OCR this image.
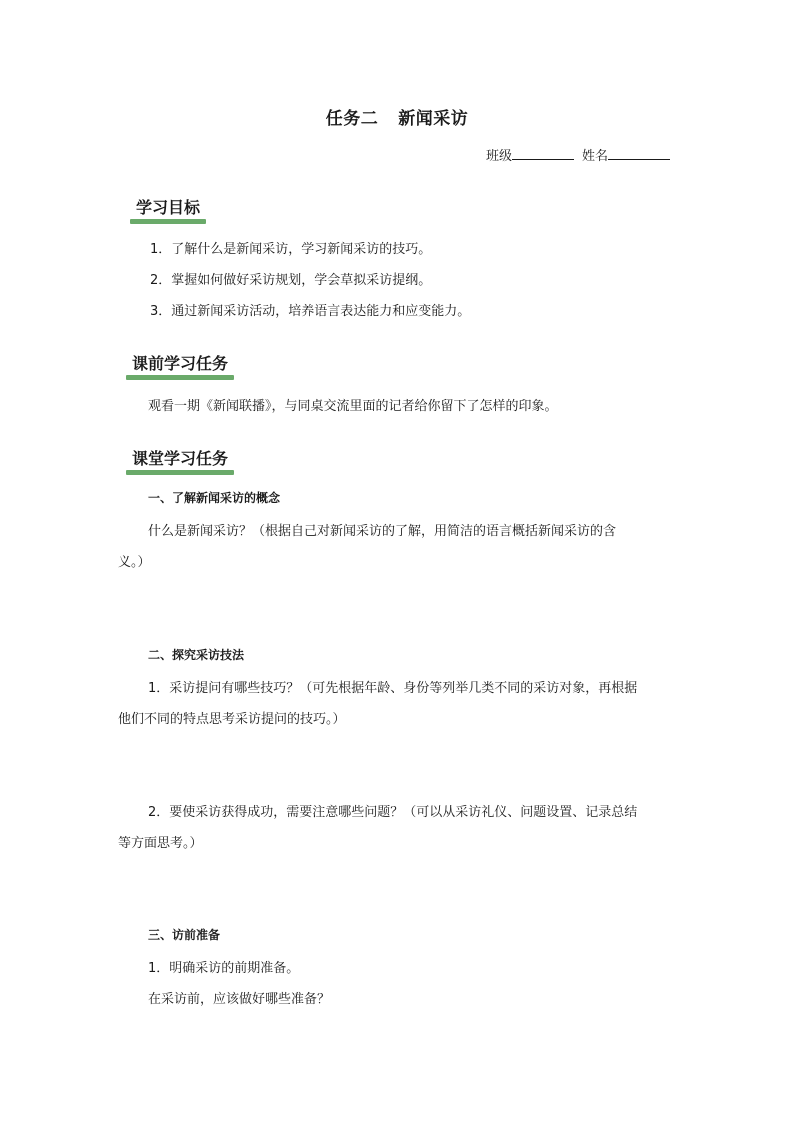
任务二 新闻采访
班级	姓名
学习目标
1．了解什么是新闻采访，学习新闻采访的技巧。
2．掌握如何做好采访规划，学会草拟采访提纲。
3．通过新闻采访活动，培养语言表达能力和应变能力。
课前学习任务
观看一期《新闻联播》，与同桌交流里面的记者给你留下了怎样的印象。
课堂学习任务
一、了解新闻采访的概念
什么是新闻采访？（根据自己对新闻采访的了解，用简洁的语言概括新闻采访的含
义。）
二、探究采访技法
1．采访提问有哪些技巧？（可先根据年龄、身份等列举几类不同的采访对象，再根据
他们不同的特点思考采访提问的技巧。）
2．要使采访获得成功，需要注意哪些问题？（可以从采访礼仪、问题设置、记录总结
等方面思考。）
三、访前准备
1．明确采访的前期准备。
在采访前，应该做好哪些准备？
